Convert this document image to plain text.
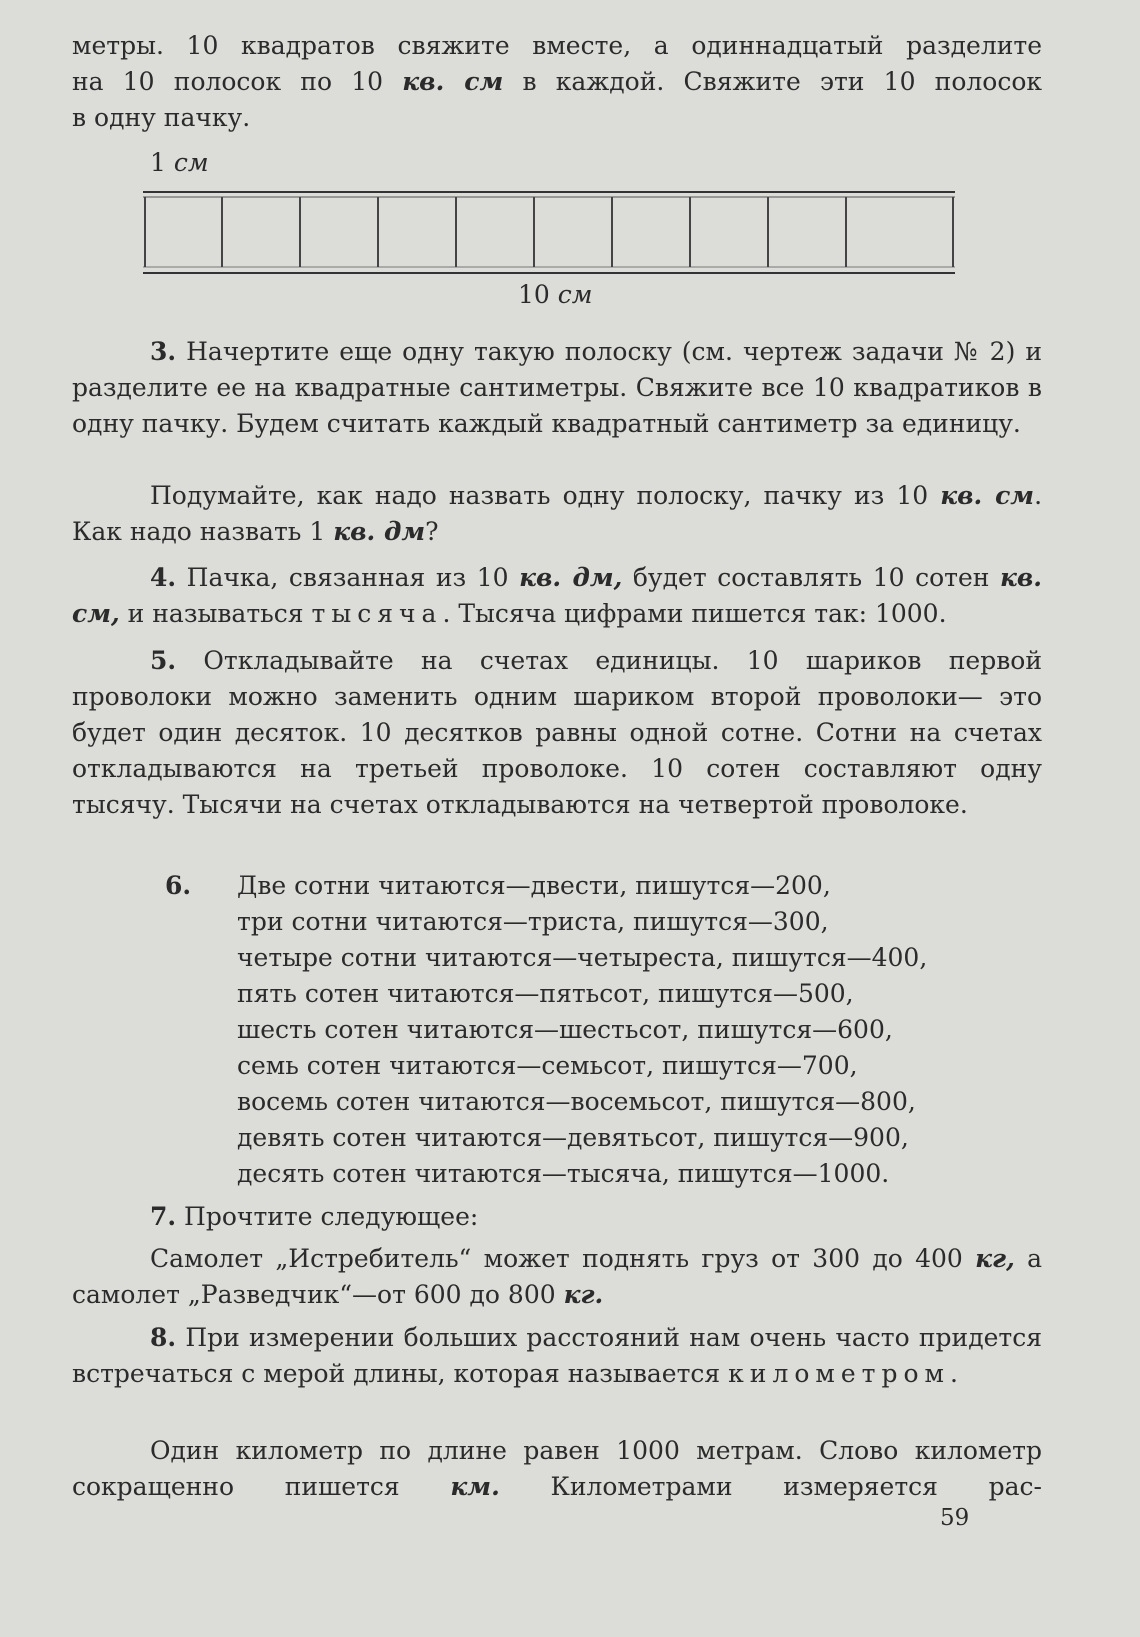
метры. 10 квадратов свяжите вместе, а одиннадцатый разделите

на 10 полосок по 10 кв. см в каждой. Свяжите эти 10 полосок

в одну пачку.

1 см
10 см

3. Начертите еще одну такую полоску (см. чертеж задачи № 2) и разделите ее на квадратные сантиметры. Свяжите все 10 квадратиков в одну пачку. Будем считать каждый квадратный сантиметр за единицу.

Подумайте, как надо назвать одну полоску, пачку из 10 кв. см. Как надо назвать 1 кв. дм?

4. Пачка, связанная из 10 кв. дм, будет составлять 10 сотен кв. см, и называться тысяча. Тысяча цифрами пишется так: 1000.

5. Откладывайте на счетах единицы. 10 шариков первой проволоки можно заменить одним шариком второй проволоки— это будет один десяток. 10 десятков равны одной сотне. Сотни на счетах откладываются на третьей проволоке. 10 сотен составляют одну тысячу. Тысячи на счетах откладываются на четвертой проволоке.

6. Две сотни читаются—двести, пишутся—200,
три сотни читаются—триста, пишутся—300,
четыре сотни читаются—четыреста, пишутся—400,
пять сотен читаются—пятьсот, пишутся—500,
шесть сотен читаются—шестьсот, пишутся—600,
семь сотен читаются—семьсот, пишутся—700,
восемь сотен читаются—восемьсот, пишутся—800,
девять сотен читаются—девятьсот, пишутся—900,
десять сотен читаются—тысяча, пишутся—1000.

7. Прочтите следующее:

Самолет „Истребитель“ может поднять груз от 300 до 400 кг, а самолет „Разведчик“—от 600 до 800 кг.

8. При измерении больших расстояний нам очень часто придется встречаться с мерой длины, которая называется километром.

Один километр по длине равен 1000 метрам. Слово километр сокращенно пишется км. Километрами измеряется рас-

59
